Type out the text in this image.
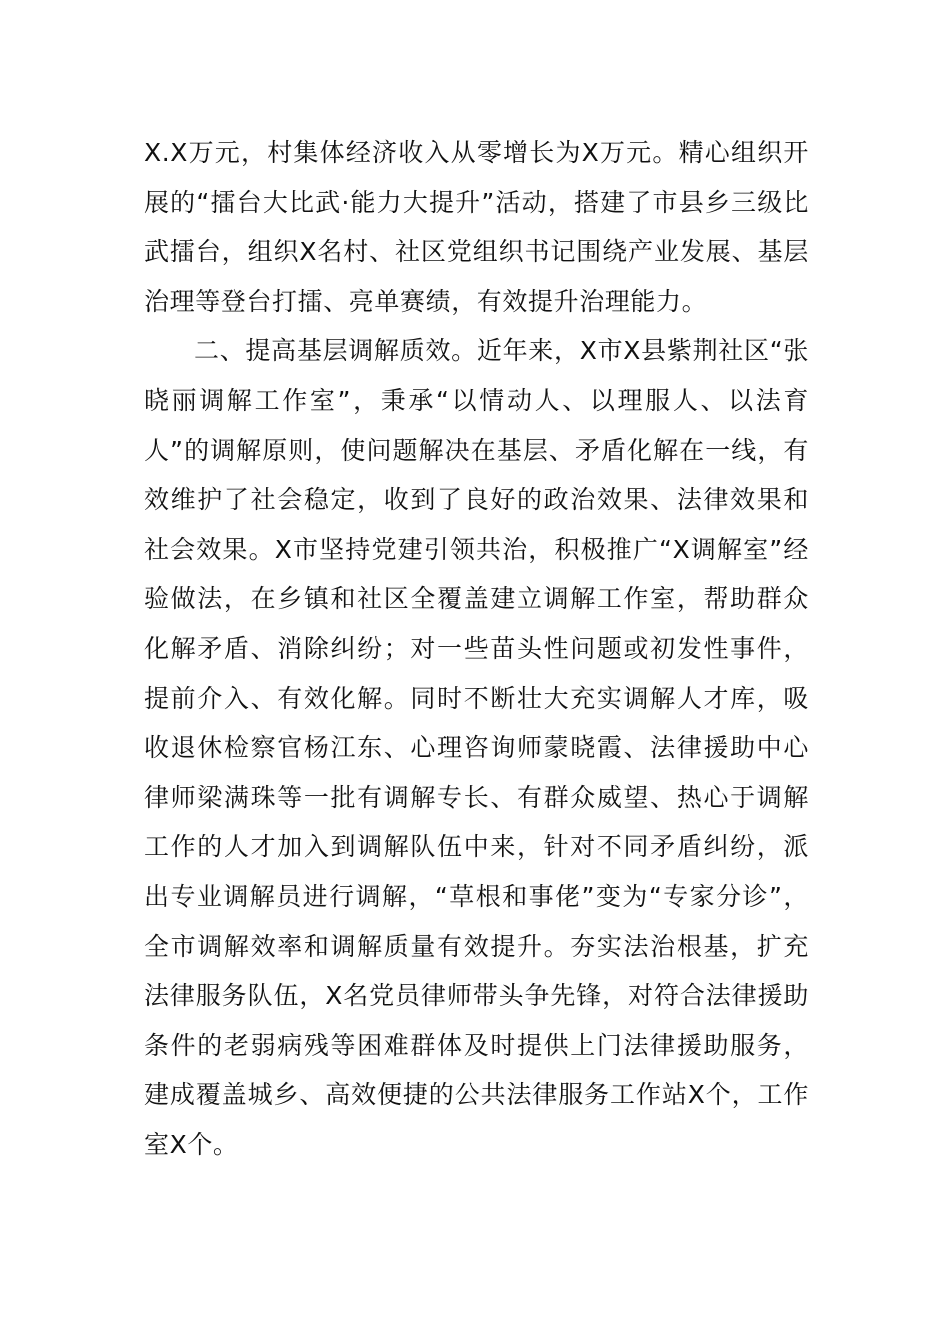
X.X万元，村集体经济收入从零增长为X万元。精心组织开展的“擂台大比武·能力大提升”活动，搭建了市县乡三级比武擂台，组织X名村、社区党组织书记围绕产业发展、基层治理等登台打擂、亮单赛绩，有效提升治理能力。

二、提高基层调解质效。近年来，X市X县紫荆社区“张晓丽调解工作室”，秉承“以情动人、以理服人、以法育人”的调解原则，使问题解决在基层、矛盾化解在一线，有效维护了社会稳定，收到了良好的政治效果、法律效果和社会效果。X市坚持党建引领共治，积极推广“X调解室”经验做法，在乡镇和社区全覆盖建立调解工作室，帮助群众化解矛盾、消除纠纷；对一些苗头性问题或初发性事件，提前介入、有效化解。同时不断壮大充实调解人才库，吸收退休检察官杨江东、心理咨询师蒙晓霞、法律援助中心律师梁满珠等一批有调解专长、有群众威望、热心于调解工作的人才加入到调解队伍中来，针对不同矛盾纠纷，派出专业调解员进行调解，“草根和事佬”变为“专家分诊”，全市调解效率和调解质量有效提升。夯实法治根基，扩充法律服务队伍，X名党员律师带头争先锋，对符合法律援助条件的老弱病残等困难群体及时提供上门法律援助服务，建成覆盖城乡、高效便捷的公共法律服务工作站X个，工作室X个。
